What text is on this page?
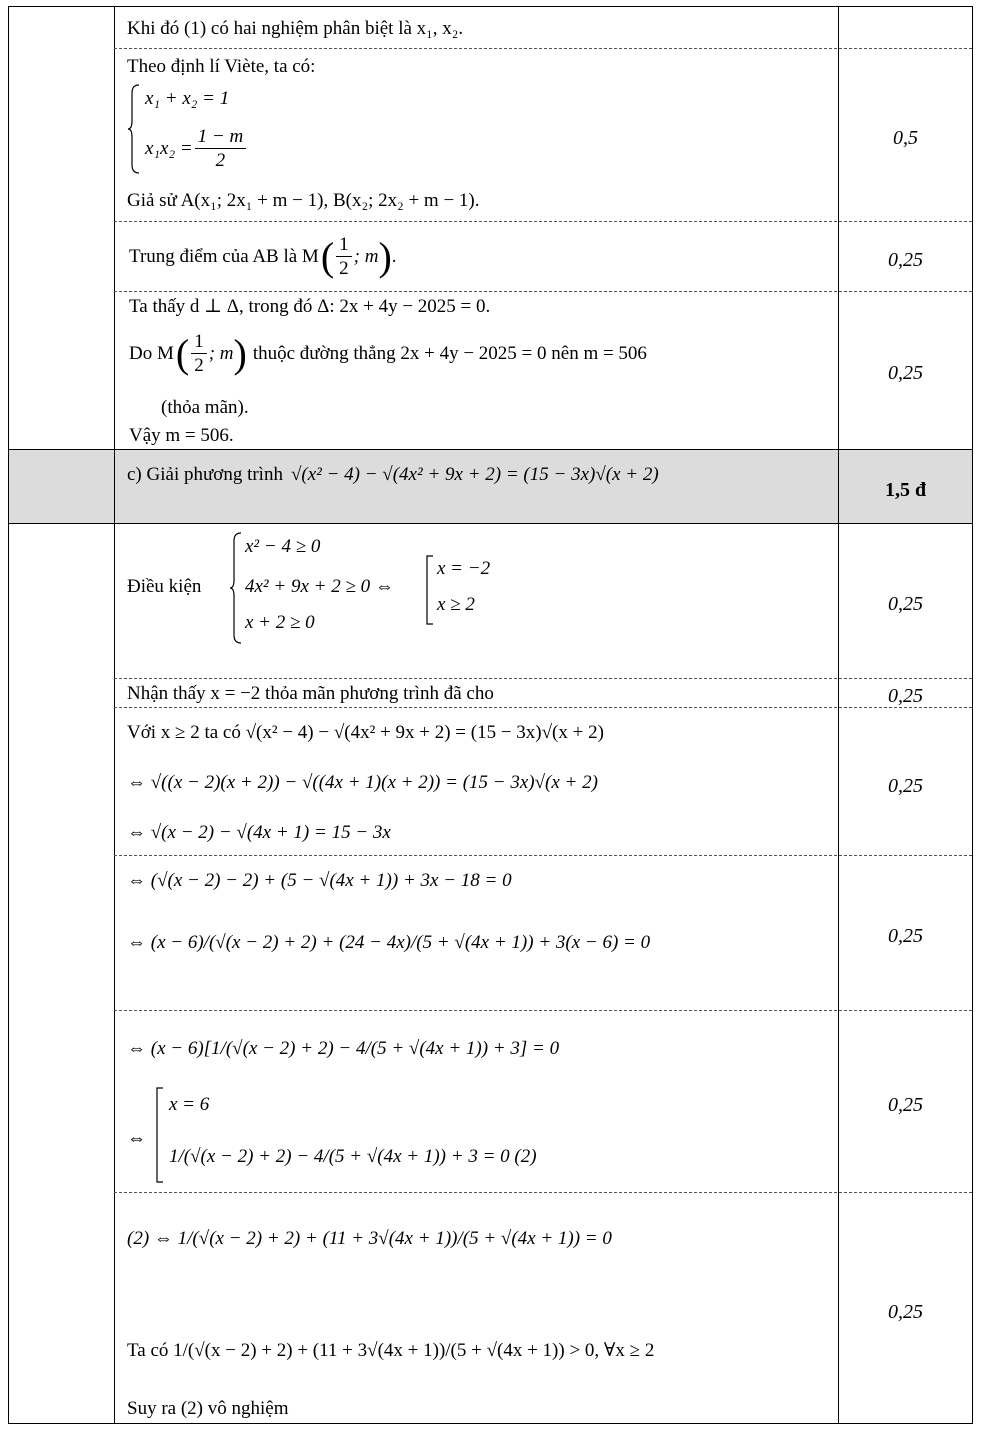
Khi đó (1) có hai nghiệm phân biệt là x₁, x₂.
Theo định lí Viète, ta có:
x₁ + x₂ = 1
$x_1x_2 = \frac{1 - m}{2}$
Giả sử A(x₁; 2x₁ + m − 1), B(x₂; 2x₂ + m − 1).
0,5
Trung điểm của AB là M ( $\frac{1}{2}$ ; m ) .	0,25
Ta thấy d ⊥ Δ, trong đó Δ: 2x + 4y − 2025 = 0.
Do M ( $\frac{1}{2}$ ; m ) thuộc đường thẳng 2x + 4y − 2025 = 0 nên m = 506
(thỏa mãn).
Vậy m = 506.
0,25
c) Giải phương trình √(x² − 4) − √(4x² + 9x + 2) = (15 − 3x)√(x + 2)
1,5 đ
Điều kiện
x² − 4 ≥ 0
4x² + 9x + 2 ≥ 0 ⇔
x + 2 ≥ 0
x = −2
x ≥ 2	0,25
Nhận thấy x = −2 thỏa mãn phương trình đã cho	0,25
Với x ≥ 2 ta có √(x² − 4) − √(4x² + 9x + 2) = (15 − 3x)√(x + 2)
⇔ √((x − 2)(x + 2)) − √((4x + 1)(x + 2)) = (15 − 3x)√(x + 2)
⇔ √(x − 2) − √(4x + 1) = 15 − 3x
0,25
⇔ (√(x − 2) − 2) + (5 − √(4x + 1)) + 3x − 18 = 0
⇔ (x − 6)/(√(x − 2) + 2) + (24 − 4x)/(5 + √(4x + 1)) + 3(x − 6) = 0	0,25
⇔ (x − 6)[1/(√(x − 2) + 2) − 4/(5 + √(4x + 1)) + 3] = 0
⇔
x = 6
1/(√(x − 2) + 2) − 4/(5 + √(4x + 1)) + 3 = 0 (2)
0,25
(2) ⇔ 1/(√(x − 2) + 2) + (11 + 3√(4x + 1))/(5 + √(4x + 1)) = 0
Ta có 1/(√(x − 2) + 2) + (11 + 3√(4x + 1))/(5 + √(4x + 1)) > 0, ∀x ≥ 2
Suy ra (2) vô nghiệm
0,25
